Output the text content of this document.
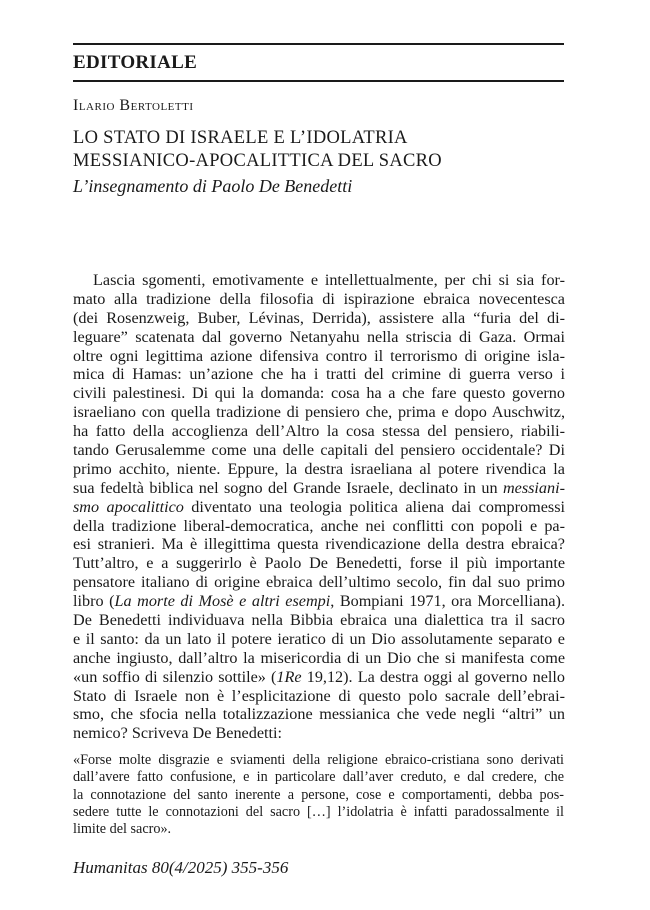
EDITORIALE
Ilario Bertoletti
LO STATO DI ISRAELE E L’IDOLATRIA
MESSIANICO-APOCALITTICA DEL SACRO
L’insegnamento di Paolo De Benedetti
Lascia sgomenti, emotivamente e intellettualmente, per chi si sia for-
mato alla tradizione della filosofia di ispirazione ebraica novecentesca
(dei Rosenzweig, Buber, Lévinas, Derrida), assistere alla “furia del di-
leguare” scatenata dal governo Netanyahu nella striscia di Gaza. Ormai
oltre ogni legittima azione difensiva contro il terrorismo di origine isla-
mica di Hamas: un’azione che ha i tratti del crimine di guerra verso i
civili palestinesi. Di qui la domanda: cosa ha a che fare questo governo
israeliano con quella tradizione di pensiero che, prima e dopo Auschwitz,
ha fatto della accoglienza dell’Altro la cosa stessa del pensiero, riabili-
tando Gerusalemme come una delle capitali del pensiero occidentale? Di
primo acchito, niente. Eppure, la destra israeliana al potere rivendica la
sua fedeltà biblica nel sogno del Grande Israele, declinato in un messiani-
smo apocalittico diventato una teologia politica aliena dai compromessi
della tradizione liberal-democratica, anche nei conflitti con popoli e pa-
esi stranieri. Ma è illegittima questa rivendicazione della destra ebraica?
Tutt’altro, e a suggerirlo è Paolo De Benedetti, forse il più importante
pensatore italiano di origine ebraica dell’ultimo secolo, fin dal suo primo
libro (La morte di Mosè e altri esempi, Bompiani 1971, ora Morcelliana).
De Benedetti individuava nella Bibbia ebraica una dialettica tra il sacro
e il santo: da un lato il potere ieratico di un Dio assolutamente separato e
anche ingiusto, dall’altro la misericordia di un Dio che si manifesta come
«un soffio di silenzio sottile» (1Re 19,12). La destra oggi al governo nello
Stato di Israele non è l’esplicitazione di questo polo sacrale dell’ebrai-
smo, che sfocia nella totalizzazione messianica che vede negli “altri” un
nemico? Scriveva De Benedetti:
«Forse molte disgrazie e sviamenti della religione ebraico-cristiana sono derivati
dall’avere fatto confusione, e in particolare dall’aver creduto, e dal credere, che
la connotazione del santo inerente a persone, cose e comportamenti, debba pos-
sedere tutte le connotazioni del sacro […] l’idolatria è infatti paradossalmente il
limite del sacro».
Humanitas 80(4/2025) 355-356
